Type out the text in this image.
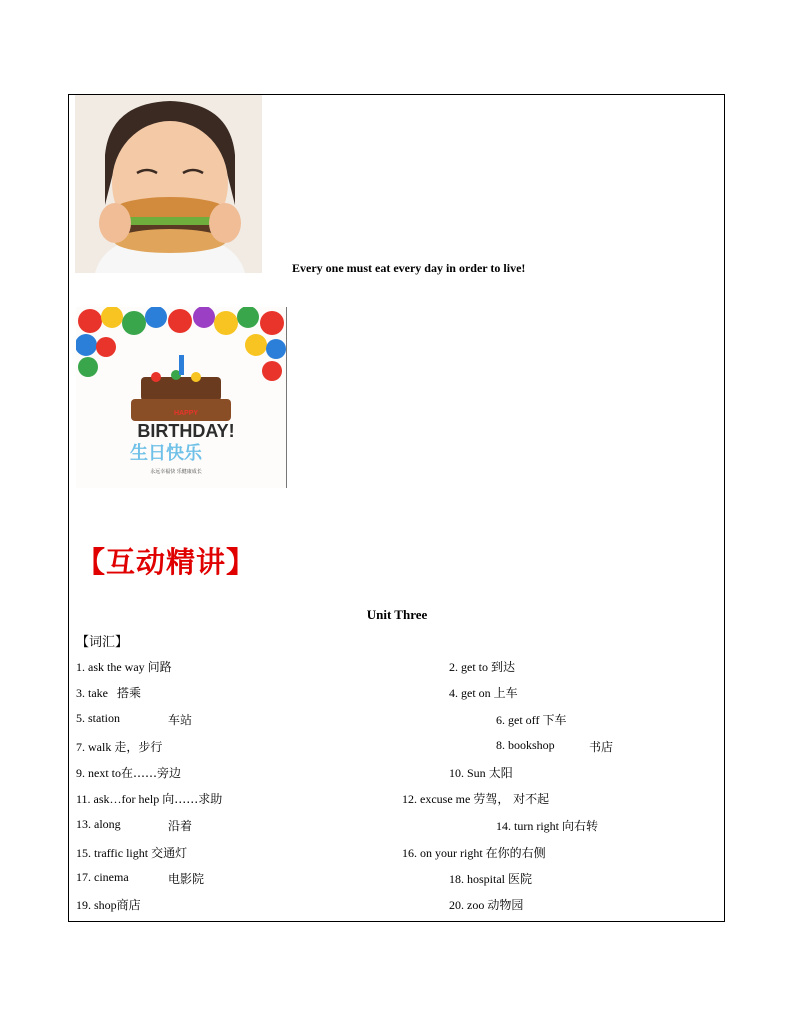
Every one must eat every day in order to live!
HAPPY
BIRTHDAY!
生日快乐
永远幸福快 乐健康成长
【互动精讲】
Unit Three
【词汇】
1. ask the way 问路	2. get to 到达
3. take 搭乘	4. get on 上车
5. station	车站	6. get off 下车
7. walk 走，步行	8. bookshop	书店
9. next to在……旁边	10. Sun 太阳
11. ask…for help 向……求助	12. excuse me 劳驾， 对不起
13. along	沿着	14. turn right 向右转
15. traffic light 交通灯	16. on your right 在你的右侧
17. cinema	电影院	18. hospital 医院
19. shop商店	20. zoo 动物园
